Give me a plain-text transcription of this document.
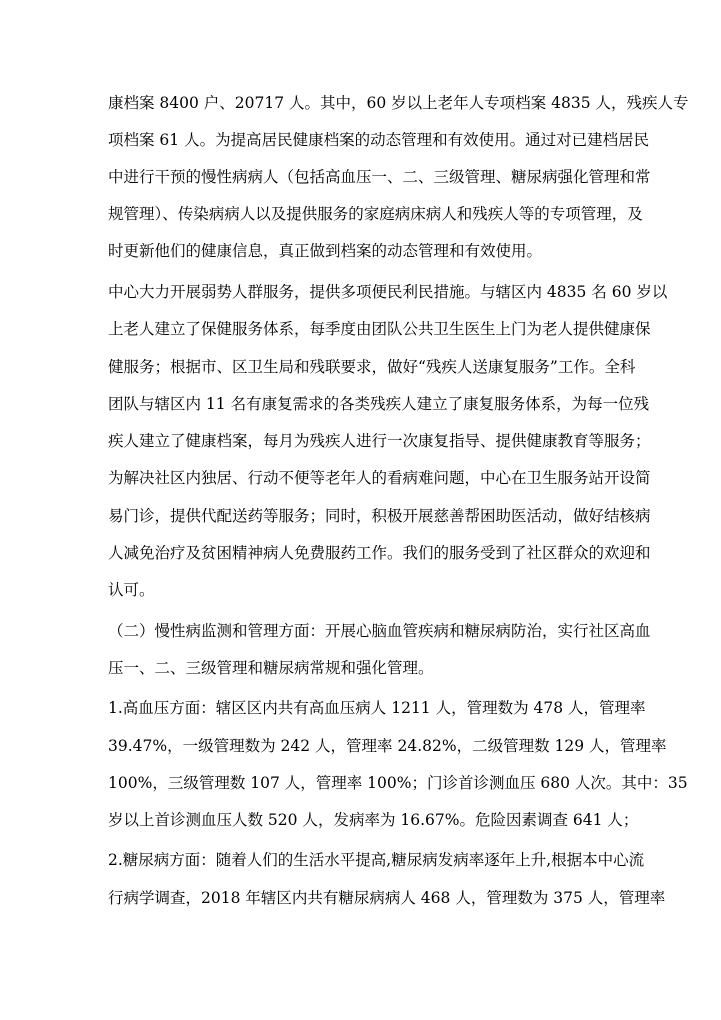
康档案 8400 户、20717 人。其中，60 岁以上老年人专项档案 4835 人，残疾人专
项档案 61 人。为提高居民健康档案的动态管理和有效使用。通过对已建档居民
中进行干预的慢性病病人（包括高血压一、二、三级管理、糖尿病强化管理和常
规管理）、传染病病人以及提供服务的家庭病床病人和残疾人等的专项管理，及
时更新他们的健康信息，真正做到档案的动态管理和有效使用。
中心大力开展弱势人群服务，提供多项便民利民措施。与辖区内 4835 名 60 岁以
上老人建立了保健服务体系，每季度由团队公共卫生医生上门为老人提供健康保
健服务；根据市、区卫生局和残联要求，做好“残疾人送康复服务”工作。全科
团队与辖区内 11 名有康复需求的各类残疾人建立了康复服务体系，为每一位残
疾人建立了健康档案，每月为残疾人进行一次康复指导、提供健康教育等服务；
为解决社区内独居、行动不便等老年人的看病难问题，中心在卫生服务站开设简
易门诊，提供代配送药等服务；同时，积极开展慈善帮困助医活动，做好结核病
人减免治疗及贫困精神病人免费服药工作。我们的服务受到了社区群众的欢迎和
认可。
（二）慢性病监测和管理方面：开展心脑血管疾病和糖尿病防治，实行社区高血
压一、二、三级管理和糖尿病常规和强化管理。
1.高血压方面：辖区区内共有高血压病人 1211 人，管理数为 478 人，管理率
39.47%，一级管理数为 242 人，管理率 24.82%，二级管理数 129 人，管理率
100%，三级管理数 107 人，管理率 100%；门诊首诊测血压 680 人次。其中：35
岁以上首诊测血压人数 520 人，发病率为 16.67%。危险因素调查 641 人；
2.糖尿病方面：随着人们的生活水平提高,糖尿病发病率逐年上升,根据本中心流
行病学调查，2018 年辖区内共有糖尿病病人 468 人，管理数为 375 人，管理率
